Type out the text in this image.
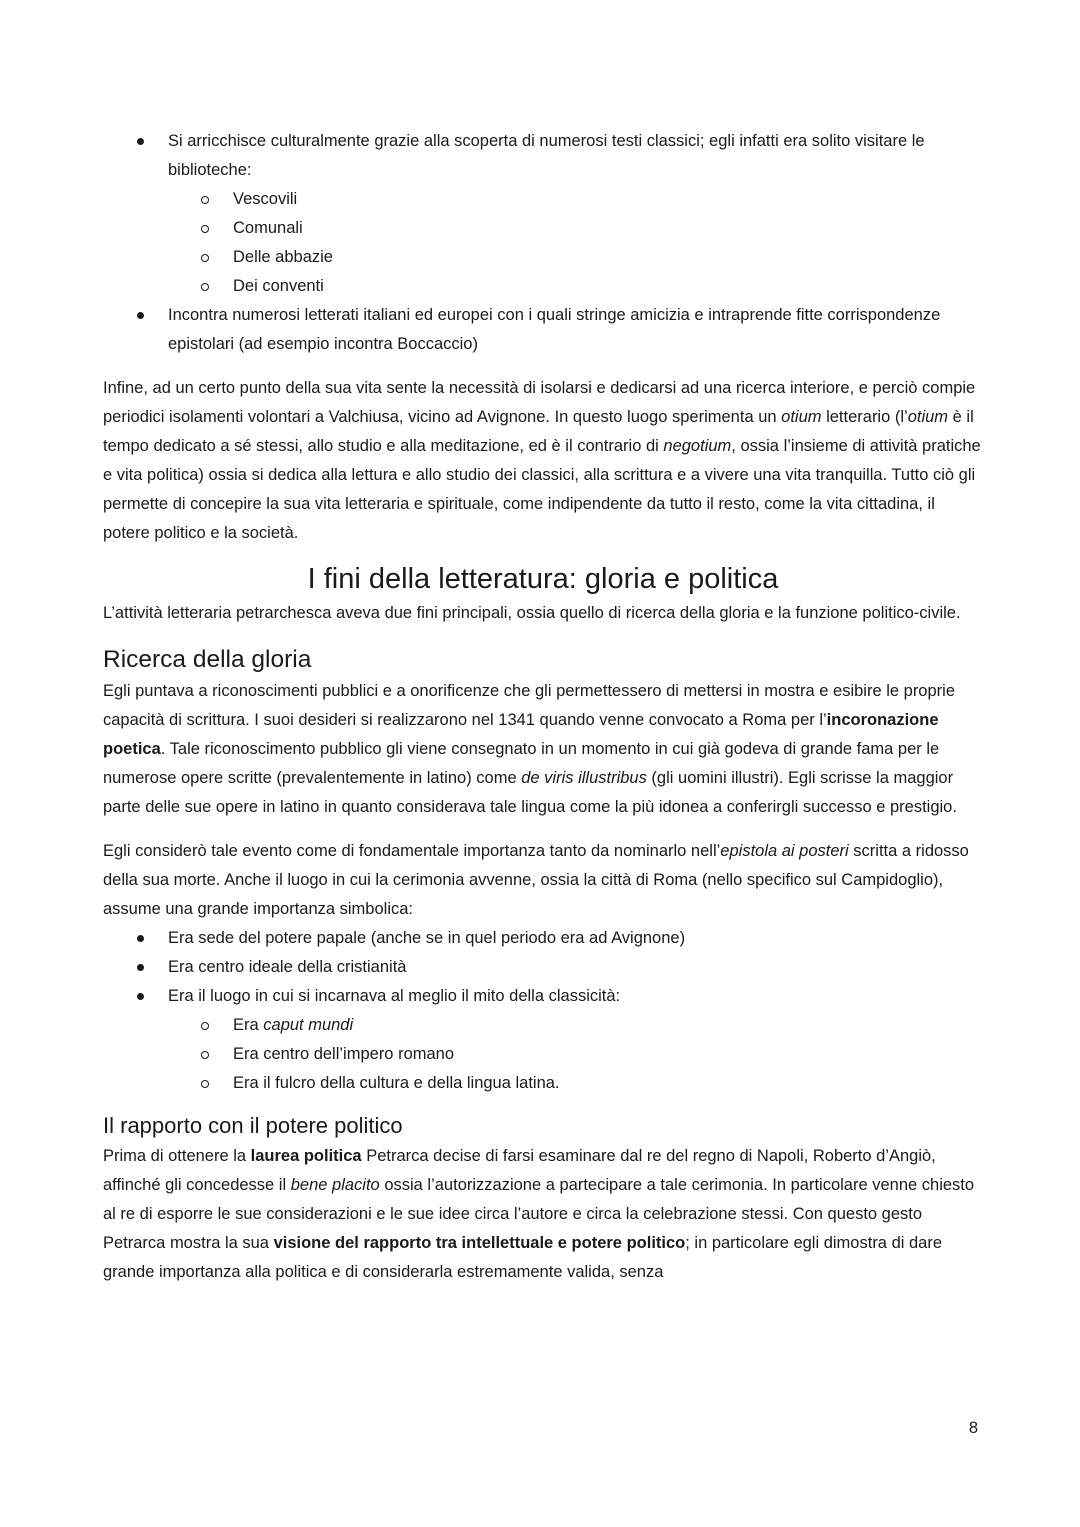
Si arricchisce culturalmente grazie alla scoperta di numerosi testi classici; egli infatti era solito visitare le biblioteche:
Vescovili
Comunali
Delle abbazie
Dei conventi
Incontra numerosi letterati italiani ed europei con i quali stringe amicizia e intraprende fitte corrispondenze epistolari (ad esempio incontra Boccaccio)

Infine, ad un certo punto della sua vita sente la necessità di isolarsi e dedicarsi ad una ricerca interiore, e perciò compie periodici isolamenti volontari a Valchiusa, vicino ad Avignone. In questo luogo sperimenta un otium letterario (l’otium è il tempo dedicato a sé stessi, allo studio e alla meditazione, ed è il contrario di negotium, ossia l’insieme di attività pratiche e vita politica) ossia si dedica alla lettura e allo studio dei classici, alla scrittura e a vivere una vita tranquilla. Tutto ciò gli permette di concepire la sua vita letteraria e spirituale, come indipendente da tutto il resto, come la vita cittadina, il potere politico e la società.

I fini della letteratura: gloria e politica

L’attività letteraria petrarchesca aveva due fini principali, ossia quello di ricerca della gloria e la funzione politico-civile.

Ricerca della gloria

Egli puntava a riconoscimenti pubblici e a onorificenze che gli permettessero di mettersi in mostra e esibire le proprie capacità di scrittura. I suoi desideri si realizzarono nel 1341 quando venne convocato a Roma per l’incoronazione poetica. Tale riconoscimento pubblico gli viene consegnato in un momento in cui già godeva di grande fama per le numerose opere scritte (prevalentemente in latino) come de viris illustribus (gli uomini illustri). Egli scrisse la maggior parte delle sue opere in latino in quanto considerava tale lingua come la più idonea a conferirgli successo e prestigio.

Egli considerò tale evento come di fondamentale importanza tanto da nominarlo nell’epistola ai posteri scritta a ridosso della sua morte. Anche il luogo in cui la cerimonia avvenne, ossia la città di Roma (nello specifico sul Campidoglio), assume una grande importanza simbolica:

Era sede del potere papale (anche se in quel periodo era ad Avignone)
Era centro ideale della cristianità
Era il luogo in cui si incarnava al meglio il mito della classicità:
Era caput mundi
Era centro dell’impero romano
Era il fulcro della cultura e della lingua latina.
Il rapporto con il potere politico

Prima di ottenere la laurea politica Petrarca decise di farsi esaminare dal re del regno di Napoli, Roberto d’Angiò, affinché gli concedesse il bene placito ossia l’autorizzazione a partecipare a tale cerimonia. In particolare venne chiesto al re di esporre le sue considerazioni e le sue idee circa l’autore e circa la celebrazione stessi. Con questo gesto Petrarca mostra la sua visione del rapporto tra intellettuale e potere politico; in particolare egli dimostra di dare grande importanza alla politica e di considerarla estremamente valida, senza

8
